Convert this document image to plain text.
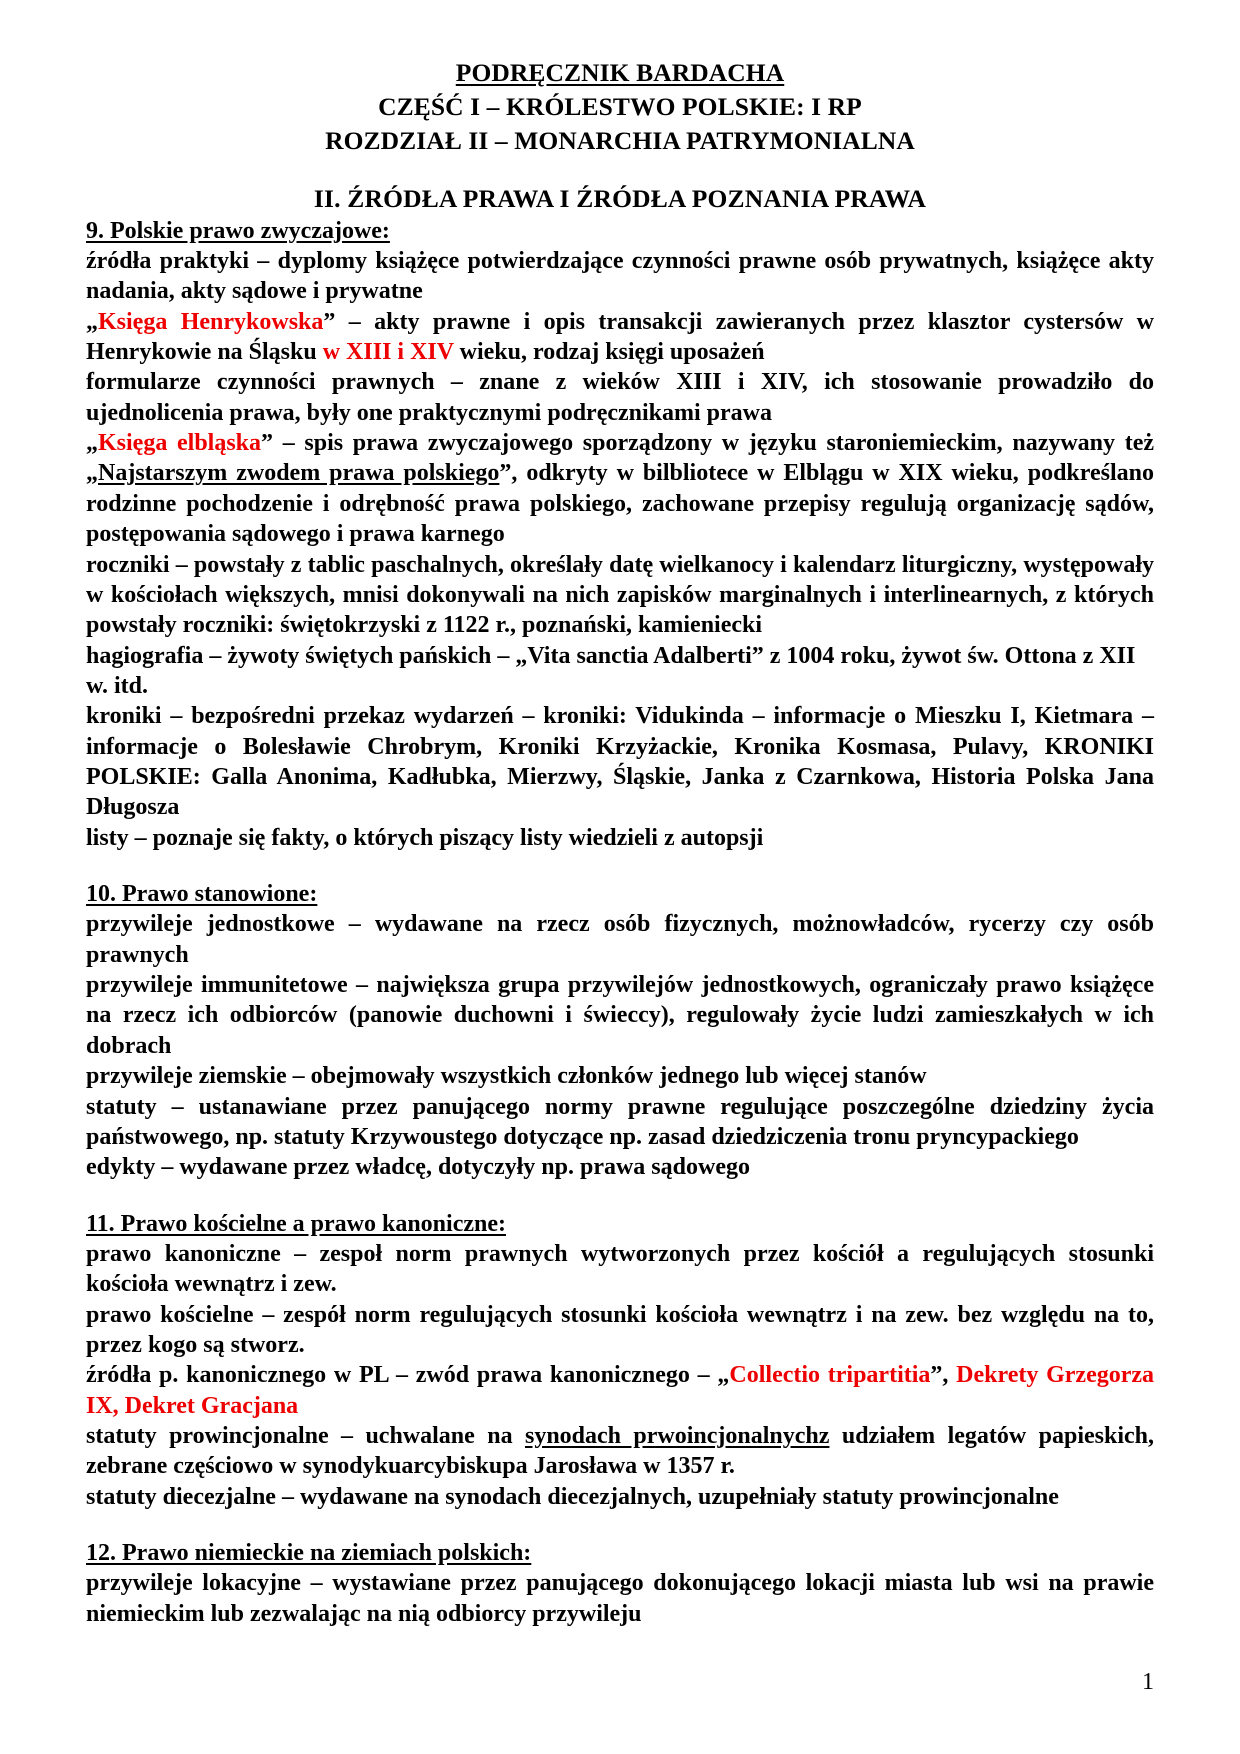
PODRĘCZNIK BARDACHA
CZĘŚĆ I – KRÓLESTWO POLSKIE: I RP
ROZDZIAŁ II – MONARCHIA PATRYMONIALNA
II. ŹRÓDŁA PRAWA I ŹRÓDŁA POZNANIA PRAWA
9. Polskie prawo zwyczajowe:

źródła praktyki – dyplomy książęce potwierdzające czynności prawne osób prywatnych, książęce akty nadania, akty sądowe i prywatne

„Księga Henrykowska” – akty prawne i opis transakcji zawieranych przez klasztor cystersów w Henrykowie na Śląsku w XIII i XIV wieku, rodzaj księgi uposażeń

formularze czynności prawnych – znane z wieków XIII i XIV, ich stosowanie prowadziło do ujednolicenia prawa, były one praktycznymi podręcznikami prawa

„Księga elbląska” – spis prawa zwyczajowego sporządzony w języku staroniemieckim, nazywany też „Najstarszym zwodem prawa polskiego”, odkryty w bilbliotece w Elblągu w XIX wieku, podkreślano rodzinne pochodzenie i odrębność prawa polskiego, zachowane przepisy regulują organizację sądów, postępowania sądowego i prawa karnego

roczniki – powstały z tablic paschalnych, określały datę wielkanocy i kalendarz liturgiczny, występowały w kościołach większych, mnisi dokonywali na nich zapisków marginalnych i interlinearnych, z których powstały roczniki: świętokrzyski z 1122 r., poznański, kamieniecki

hagiografia – żywoty świętych pańskich – „Vita sanctia Adalberti” z 1004 roku, żywot św. Ottona z XII w. itd.

kroniki – bezpośredni przekaz wydarzeń – kroniki: Vidukinda – informacje o Mieszku I, Kietmara – informacje o Bolesławie Chrobrym, Kroniki Krzyżackie, Kronika Kosmasa, Pulavy, KRONIKI POLSKIE: Galla Anonima, Kadłubka, Mierzwy, Śląskie, Janka z Czarnkowa, Historia Polska Jana Długosza

listy – poznaje się fakty, o których piszący listy wiedzieli z autopsji

10. Prawo stanowione:

przywileje jednostkowe – wydawane na rzecz osób fizycznych, możnowładców, rycerzy czy osób prawnych

przywileje immunitetowe – największa grupa przywilejów jednostkowych, ograniczały prawo książęce na rzecz ich odbiorców (panowie duchowni i świeccy), regulowały życie ludzi zamieszkałych w ich dobrach

przywileje ziemskie – obejmowały wszystkich członków jednego lub więcej stanów

statuty – ustanawiane przez panującego normy prawne regulujące poszczególne dziedziny życia państwowego, np. statuty Krzywoustego dotyczące np. zasad dziedziczenia tronu pryncypackiego

edykty – wydawane przez władcę, dotyczyły np. prawa sądowego

11. Prawo kościelne a prawo kanoniczne:

prawo kanoniczne – zespoł norm prawnych wytworzonych przez kościół a regulujących stosunki kościoła wewnątrz i zew.

prawo kościelne – zespół norm regulujących stosunki kościoła wewnątrz i na zew. bez względu na to, przez kogo są stworz.

źródła p. kanonicznego w PL – zwód prawa kanonicznego – „Collectio tripartitia”, Dekrety Grzegorza IX, Dekret Gracjana

statuty prowincjonalne – uchwalane na synodach prwoincjonalnychz udziałem legatów papieskich, zebrane częściowo w synodykuarcybiskupa Jarosława w 1357 r.

statuty diecezjalne – wydawane na synodach diecezjalnych, uzupełniały statuty prowincjonalne

12. Prawo niemieckie na ziemiach polskich:

przywileje lokacyjne – wystawiane przez panującego dokonującego lokacji miasta lub wsi na prawie niemieckim lub zezwalając na nią odbiorcy przywileju

1
